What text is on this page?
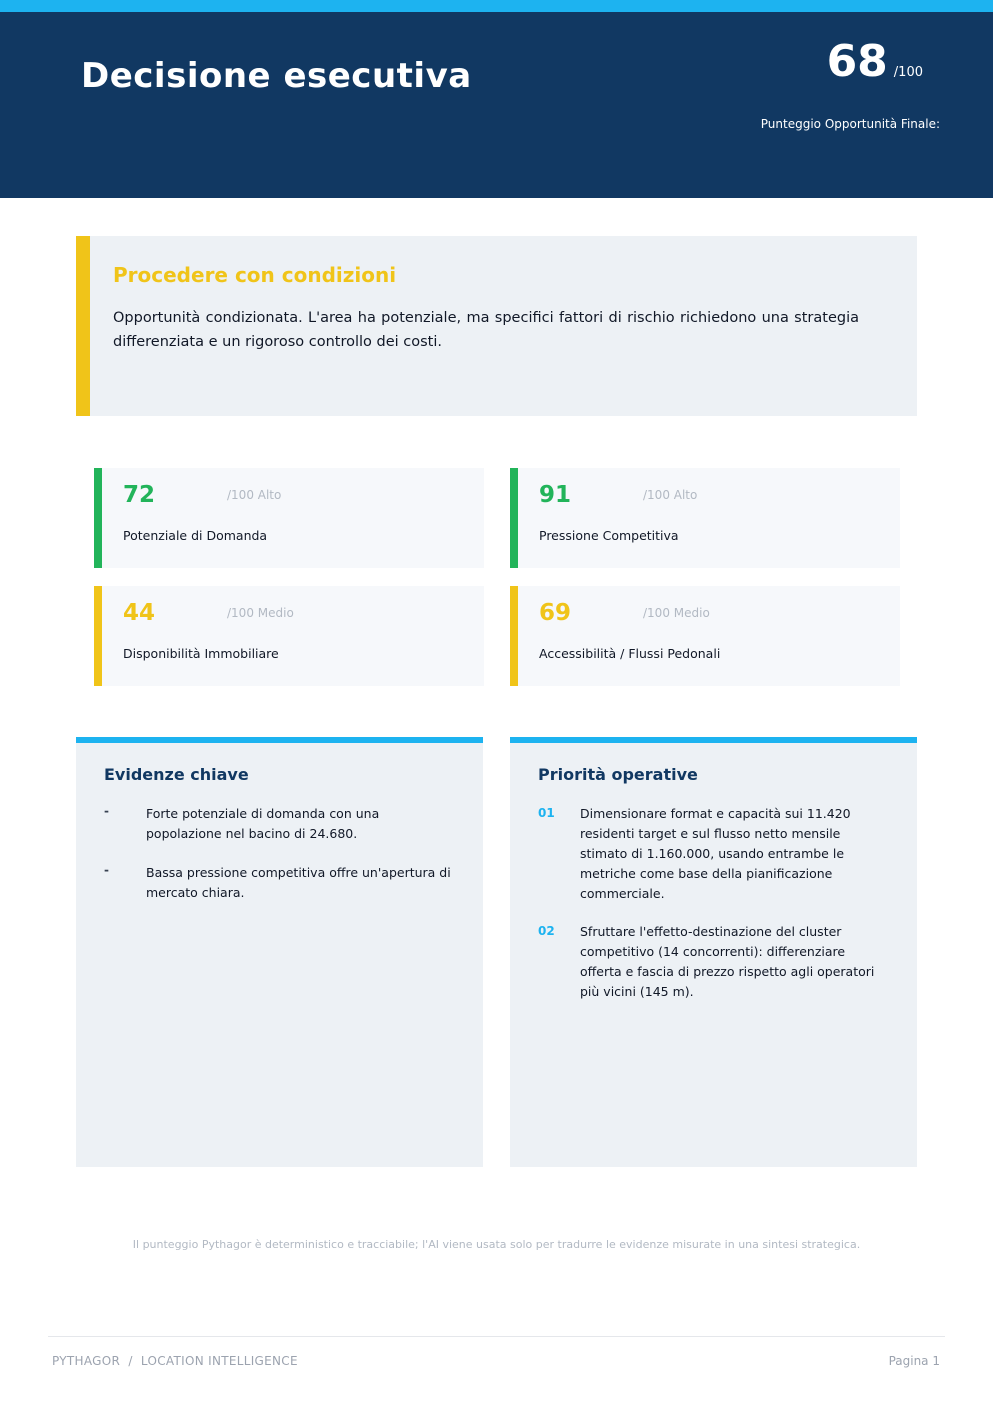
Decisione esecutiva	68 /100
Punteggio Opportunità Finale:
Procedere con condizioni
Opportunità condizionata. L'area ha potenziale, ma specifici fattori di rischio richiedono una strategia differenziata e un rigoroso controllo dei costi.
72	/100 Alto
Potenziale di Domanda
91	/100 Alto
Pressione Competitiva
44	/100 Medio
Disponibilità Immobiliare
69	/100 Medio
Accessibilità / Flussi Pedonali
Evidenze chiave
-	Forte potenziale di domanda con una popolazione nel bacino di 24.680.
-	Bassa pressione competitiva offre un'apertura di mercato chiara.
Priorità operative
01 Dimensionare format e capacità sui 11.420 residenti target e sul flusso netto mensile stimato di 1.160.000, usando entrambe le metriche come base della pianificazione commerciale.
02 Sfruttare l'effetto-destinazione del cluster competitivo (14 concorrenti): differenziare offerta e fascia di prezzo rispetto agli operatori più vicini (145 m).
Il punteggio Pythagor è deterministico e tracciabile; l'AI viene usata solo per tradurre le evidenze misurate in una sintesi strategica.
PYTHAGOR  /  LOCATION INTELLIGENCE	Pagina 1
